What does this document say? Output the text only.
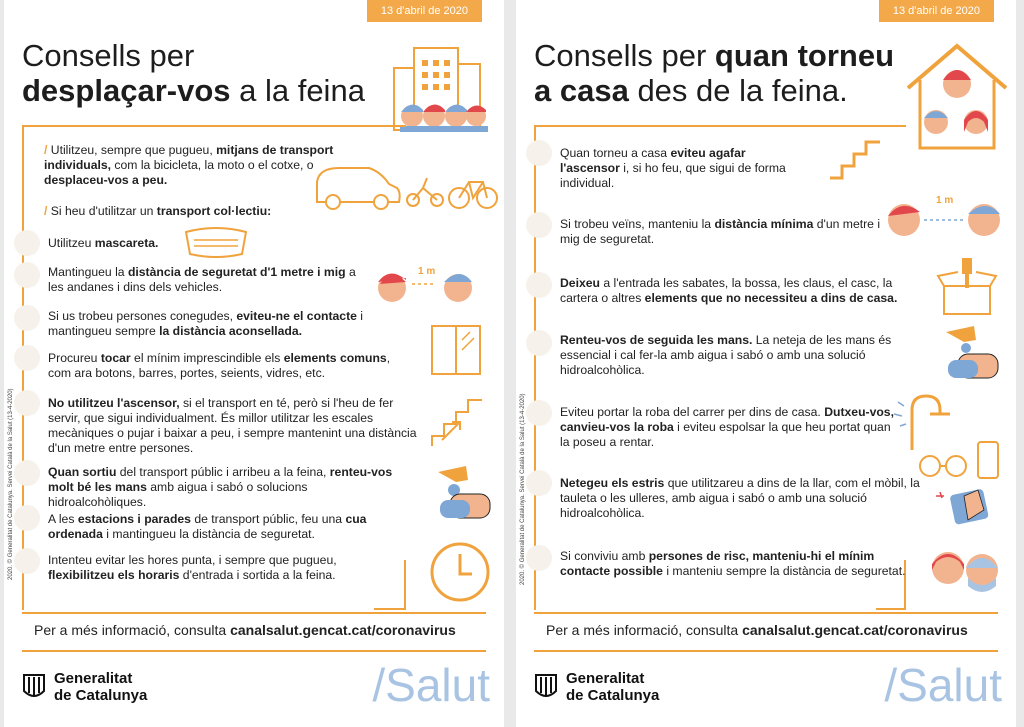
13 d'abril de 2020
Consells per
desplaçar-vos a la feina

/ Utilitzeu, sempre que pugueu, mitjans de transport individuals, com la bicicleta, la moto o el cotxe, o desplaceu-vos a peu.

/ Si heu d'utilitzar un transport col·lectiu:

Utilitzeu mascareta.

Mantingueu la distància de seguretat d'1 metre i mig a les andanes i dins dels vehicles.

1 m

Si us trobeu persones conegudes, eviteu-ne el contacte i mantingueu sempre la distància aconsellada.

Procureu tocar el mínim imprescindible els elements comuns, com ara botons, barres, portes, seients, vidres, etc.

No utilitzeu l'ascensor, si el transport en té, però si l'heu de fer servir, que sigui individualment. És millor utilitzar les escales mecàniques o pujar i baixar a peu, i sempre mantenint una distància d'un metre entre persones.

Quan sortiu del transport públic i arribeu a la feina, renteu-vos molt bé les mans amb aigua i sabó o solucions hidroalcohòliques.

A les estacions i parades de transport públic, feu una cua ordenada i mantingueu la distància de seguretat.

Intenteu evitar les hores punta, i sempre que pugueu, flexibilitzeu els horaris d'entrada i sortida a la feina.

2020. © Generalitat de Catalunya. Servei Català de la Salut (13-4-2020)

Per a més informació, consulta canalsalut.gencat.cat/coronavirus

Generalitat
de Catalunya	/Salut
13 d'abril de 2020
Consells per quan torneu
a casa des de la feina.

Quan torneu a casa eviteu agafar l'ascensor i, si ho feu, que sigui de forma individual.

Si trobeu veïns, manteniu la distància mínima d'un metre i mig de seguretat.

1 m

Deixeu a l'entrada les sabates, la bossa, les claus, el casc, la cartera o altres elements que no necessiteu a dins de casa.

Renteu-vos de seguida les mans. La neteja de les mans és essencial i cal fer-la amb aigua i sabó o amb una solució hidroalcohòlica.

Eviteu portar la roba del carrer per dins de casa. Dutxeu-vos, canvieu-vos la roba i eviteu espolsar la que heu portat quan la poseu a rentar.

Netegeu els estris que utilitzareu a dins de la llar, com el mòbil, la tauleta o les ulleres, amb aigua i sabó o amb una solució hidroalcohòlica.

Si conviviu amb persones de risc, manteniu-hi el mínim contacte possible i manteniu sempre la distància de seguretat.

2020. © Generalitat de Catalunya. Servei Català de la Salut (13-4-2020)

Per a més informació, consulta canalsalut.gencat.cat/coronavirus

Generalitat
de Catalunya	/Salut
